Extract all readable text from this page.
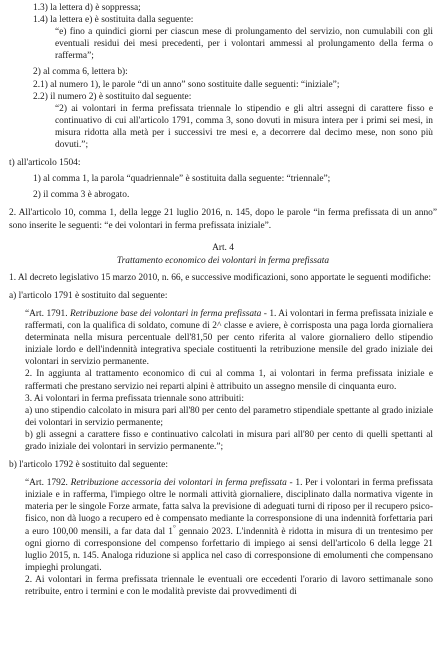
1.3) la lettera d) è soppressa;

1.4) la lettera e) è sostituita dalla seguente:

“e) fino a quindici giorni per ciascun mese di prolungamento del servizio, non cumulabili con gli eventuali residui dei mesi precedenti, per i volontari ammessi al prolungamento della ferma o rafferma”;

2) al comma 6, lettera b):

2.1) al numero 1), le parole “di un anno” sono sostituite dalle seguenti: “iniziale”;

2.2) il numero 2) è sostituito dal seguente:

“2) ai volontari in ferma prefissata triennale lo stipendio e gli altri assegni di carattere fisso e continuativo di cui all'articolo 1791, comma 3, sono dovuti in misura intera per i primi sei mesi, in misura ridotta alla metà per i successivi tre mesi e, a decorrere dal decimo mese, non sono più dovuti.”;

t) all'articolo 1504:

1) al comma 1, la parola “quadriennale” è sostituita dalla seguente: “triennale”;

2) il comma 3 è abrogato.

2. All'articolo 10, comma 1, della legge 21 luglio 2016, n. 145, dopo le parole “in ferma prefissata di un anno” sono inserite le seguenti: “e dei volontari in ferma prefissata iniziale”.

Art. 4

Trattamento economico dei volontari in ferma prefissata

1. Al decreto legislativo 15 marzo 2010, n. 66, e successive modificazioni, sono apportate le seguenti modifiche:

a) l'articolo 1791 è sostituito dal seguente:

“Art. 1791. Retribuzione base dei volontari in ferma prefissata - 1. Ai volontari in ferma prefissata iniziale e raffermati, con la qualifica di soldato, comune di 2^ classe e aviere, è corrisposta una paga lorda giornaliera determinata nella misura percentuale dell'81,50 per cento riferita al valore giornaliero dello stipendio iniziale lordo e dell'indennità integrativa speciale costituenti la retribuzione mensile del grado iniziale dei volontari in servizio permanente.

2. In aggiunta al trattamento economico di cui al comma 1, ai volontari in ferma prefissata iniziale e raffermati che prestano servizio nei reparti alpini è attribuito un assegno mensile di cinquanta euro.

3. Ai volontari in ferma prefissata triennale sono attribuiti:

a) uno stipendio calcolato in misura pari all'80 per cento del parametro stipendiale spettante al grado iniziale dei volontari in servizio permanente;

b) gli assegni a carattere fisso e continuativo calcolati in misura pari all'80 per cento di quelli spettanti al grado iniziale dei volontari in servizio permanente.”;

b) l'articolo 1792 è sostituito dal seguente:

“Art. 1792. Retribuzione accessoria dei volontari in ferma prefissata - 1. Per i volontari in ferma prefissata iniziale e in rafferma, l'impiego oltre le normali attività giornaliere, disciplinato dalla normativa vigente in materia per le singole Forze armate, fatta salva la previsione di adeguati turni di riposo per il recupero psico-fisico, non dà luogo a recupero ed è compensato mediante la corresponsione di una indennità forfettaria pari a euro 100,00 mensili, a far data dal 1° gennaio 2023. L'indennità è ridotta in misura di un trentesimo per ogni giorno di corresponsione del compenso forfettario di impiego ai sensi dell'articolo 6 della legge 21 luglio 2015, n. 145. Analoga riduzione si applica nel caso di corresponsione di emolumenti che compensano impieghi prolungati.

2. Ai volontari in ferma prefissata triennale le eventuali ore eccedenti l'orario di lavoro settimanale sono retribuite, entro i termini e con le modalità previste dai provvedimenti di
